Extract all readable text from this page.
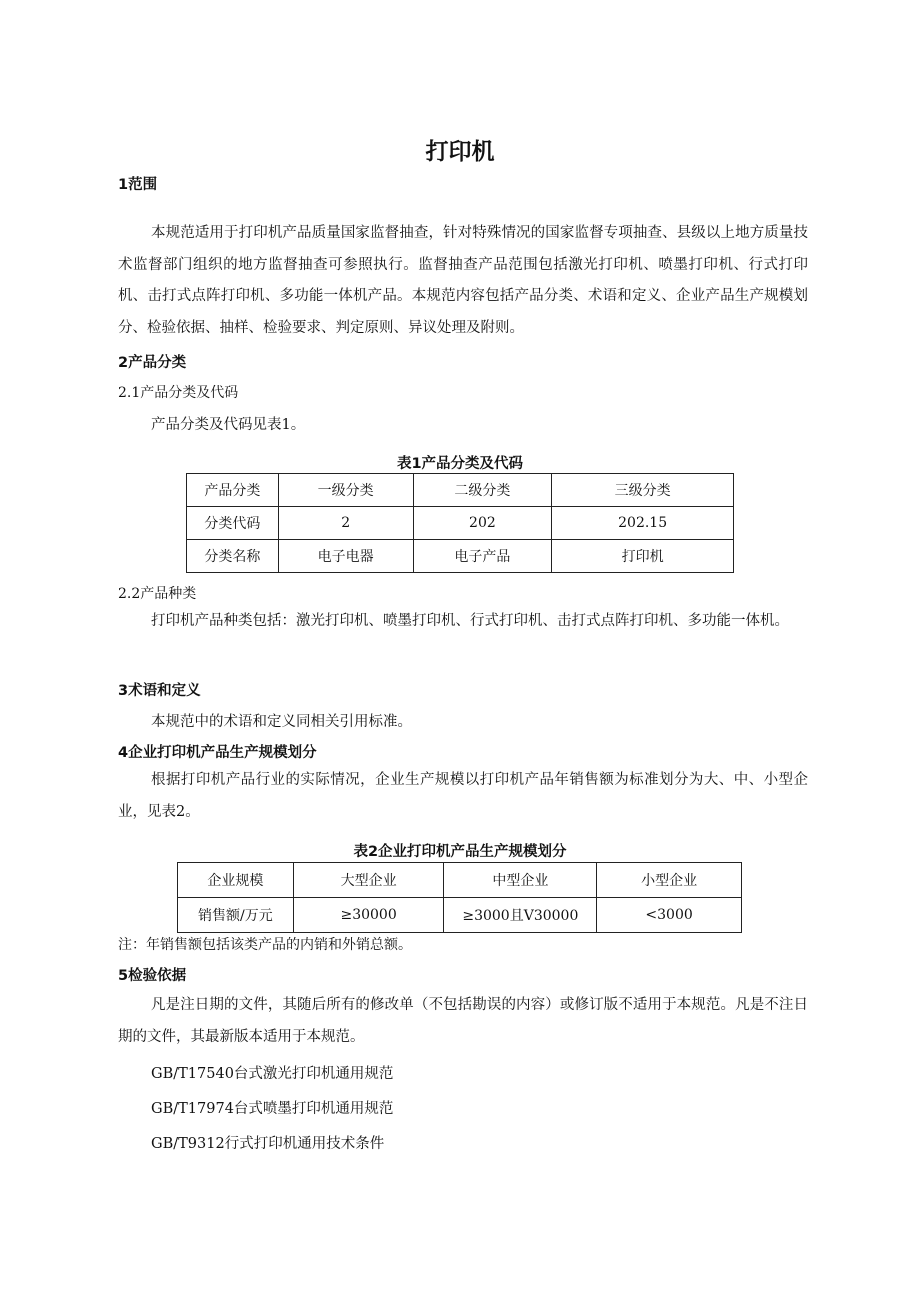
打印机
1范围
本规范适用于打印机产品质量国家监督抽查，针对特殊情况的国家监督专项抽查、县级以上地方质量技术监督部门组织的地方监督抽查可参照执行。监督抽查产品范围包括激光打印机、喷墨打印机、行式打印机、击打式点阵打印机、多功能一体机产品。本规范内容包括产品分类、术语和定义、企业产品生产规模划分、检验依据、抽样、检验要求、判定原则、异议处理及附则。
2产品分类
2.1产品分类及代码
产品分类及代码见表1。
表1产品分类及代码
产品分类	一级分类	二级分类	三级分类
分类代码	2	202	202.15
分类名称	电子电器	电子产品	打印机
2.2产品种类
打印机产品种类包括：激光打印机、喷墨打印机、行式打印机、击打式点阵打印机、多功能一体机。
3术语和定义
本规范中的术语和定义同相关引用标准。
4企业打印机产品生产规模划分
根据打印机产品行业的实际情况，企业生产规模以打印机产品年销售额为标准划分为大、中、小型企业，见表2。
表2企业打印机产品生产规模划分
企业规模	大型企业	中型企业	小型企业
销售额/万元	≥30000	≥3000且V30000	<3000
注：年销售额包括该类产品的内销和外销总额。
5检验依据
凡是注日期的文件，其随后所有的修改单（不包括勘误的内容）或修订版不适用于本规范。凡是不注日期的文件，其最新版本适用于本规范。
GB/T17540台式激光打印机通用规范
GB/T17974台式喷墨打印机通用规范
GB/T9312行式打印机通用技术条件
